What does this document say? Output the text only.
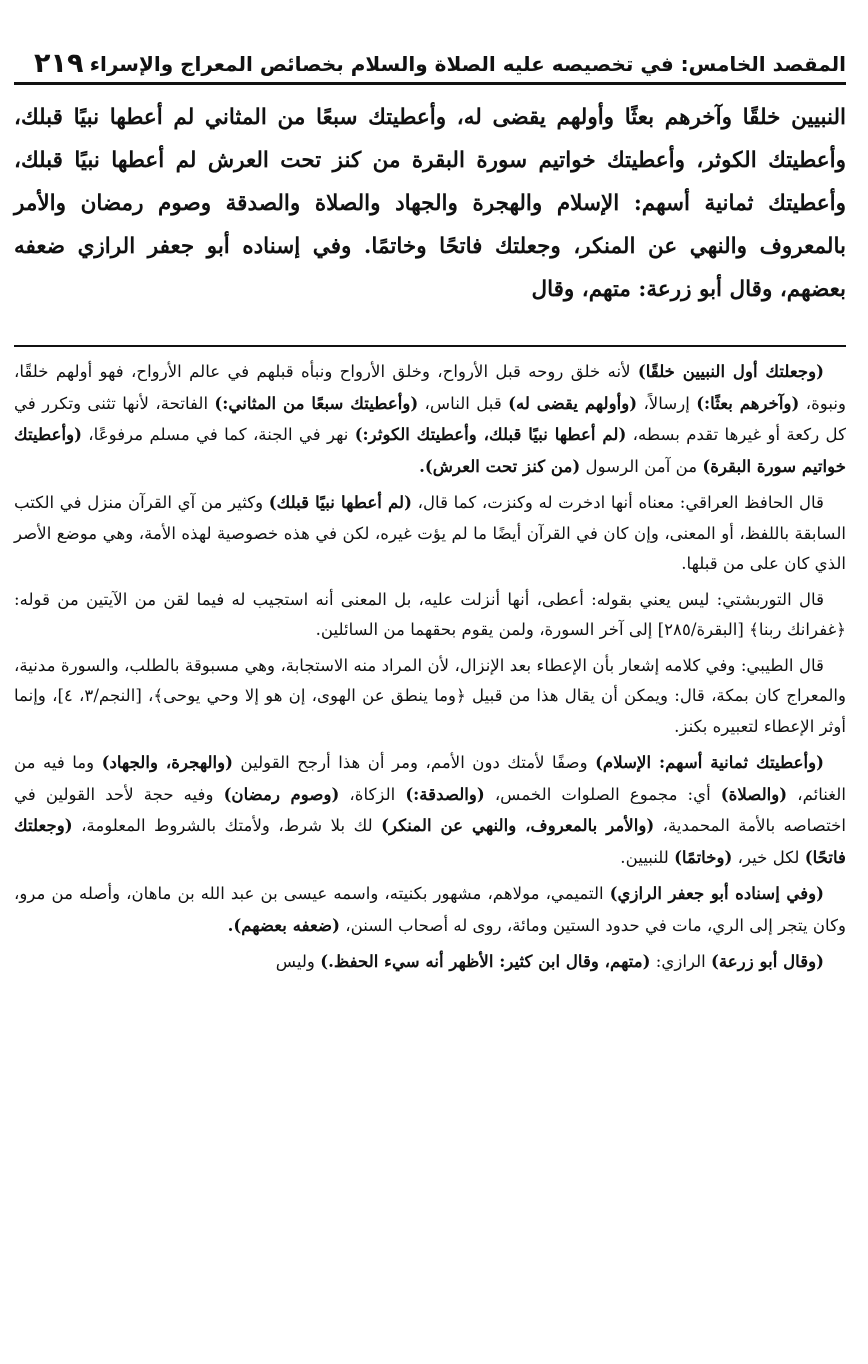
المقصد الخامس: في تخصيصه عليه الصلاة والسلام بخصائص المعراج والإسراء
٢١٩

النبيين خلقًا وآخرهم بعثًا وأولهم يقضى له، وأعطيتك سبعًا من المثاني لم أعطها نبيًا قبلك، وأعطيتك الكوثر، وأعطيتك خواتيم سورة البقرة من كنز تحت العرش لم أعطها نبيًا قبلك، وأعطيتك ثمانية أسهم: الإسلام والهجرة والجهاد والصلاة والصدقة وصوم رمضان والأمر بالمعروف والنهي عن المنكر، وجعلتك فاتحًا وخاتمًا. وفي إسناده أبو جعفر الرازي ضعفه بعضهم، وقال أبو زرعة: متهم، وقال

(وجعلتك أول النبيين خلقًا) لأنه خلق روحه قبل الأرواح، وخلق الأرواح ونبأه قبلهم في عالم الأرواح، فهو أولهم خلقًا، ونبوة، (وآخرهم بعثًا:) إرسالاً، (وأولهم يقضى له) قبل الناس، (وأعطيتك سبعًا من المثاني:) الفاتحة، لأنها تثنى وتكرر في كل ركعة أو غيرها تقدم بسطه، (لم أعطها نبيًا قبلك، وأعطيتك الكوثر:) نهر في الجنة، كما في مسلم مرفوعًا، (وأعطيتك خواتيم سورة البقرة) من آمن الرسول (من كنز تحت العرش).

قال الحافظ العراقي: معناه أنها ادخرت له وكنزت، كما قال، (لم أعطها نبيًا قبلك) وكثير من آي القرآن منزل في الكتب السابقة باللفظ، أو المعنى، وإن كان في القرآن أيضًا ما لم يؤت غيره، لكن في هذه خصوصية لهذه الأمة، وهي موضع الأصر الذي كان على من قبلها.

قال التوربشتي: ليس يعني بقوله: أعطى، أنها أنزلت عليه، بل المعنى أنه استجيب له فيما لقن من الآيتين من قوله: ﴿غفرانك ربنا﴾ [البقرة/٢٨٥] إلى آخر السورة، ولمن يقوم بحقهما من السائلين.

قال الطيبي: وفي كلامه إشعار بأن الإعطاء بعد الإنزال، لأن المراد منه الاستجابة، وهي مسبوقة بالطلب، والسورة مدنية، والمعراج كان بمكة، قال: ويمكن أن يقال هذا من قبيل ﴿وما ينطق عن الهوى، إن هو إلا وحي يوحى﴾، [النجم/٣، ٤]، وإنما أوثر الإعطاء لتعبيره بكنز.

(وأعطيتك ثمانية أسهم: الإسلام) وصفًا لأمتك دون الأمم، ومر أن هذا أرجح القولين (والهجرة، والجهاد) وما فيه من الغنائم، (والصلاة) أي: مجموع الصلوات الخمس، (والصدقة:) الزكاة، (وصوم رمضان) وفيه حجة لأحد القولين في اختصاصه بالأمة المحمدية، (والأمر بالمعروف، والنهي عن المنكر) لك بلا شرط، ولأمتك بالشروط المعلومة، (وجعلتك فاتحًا) لكل خير، (وخاتمًا) للنبيين.

(وفي إسناده أبو جعفر الرازي) التميمي، مولاهم، مشهور بكنيته، واسمه عيسى بن عبد الله بن ماهان، وأصله من مرو، وكان يتجر إلى الري، مات في حدود الستين ومائة، روى له أصحاب السنن، (ضعفه بعضهم).

(وقال أبو زرعة) الرازي: (متهم، وقال ابن كثير: الأظهر أنه سيء الحفظ.) وليس
